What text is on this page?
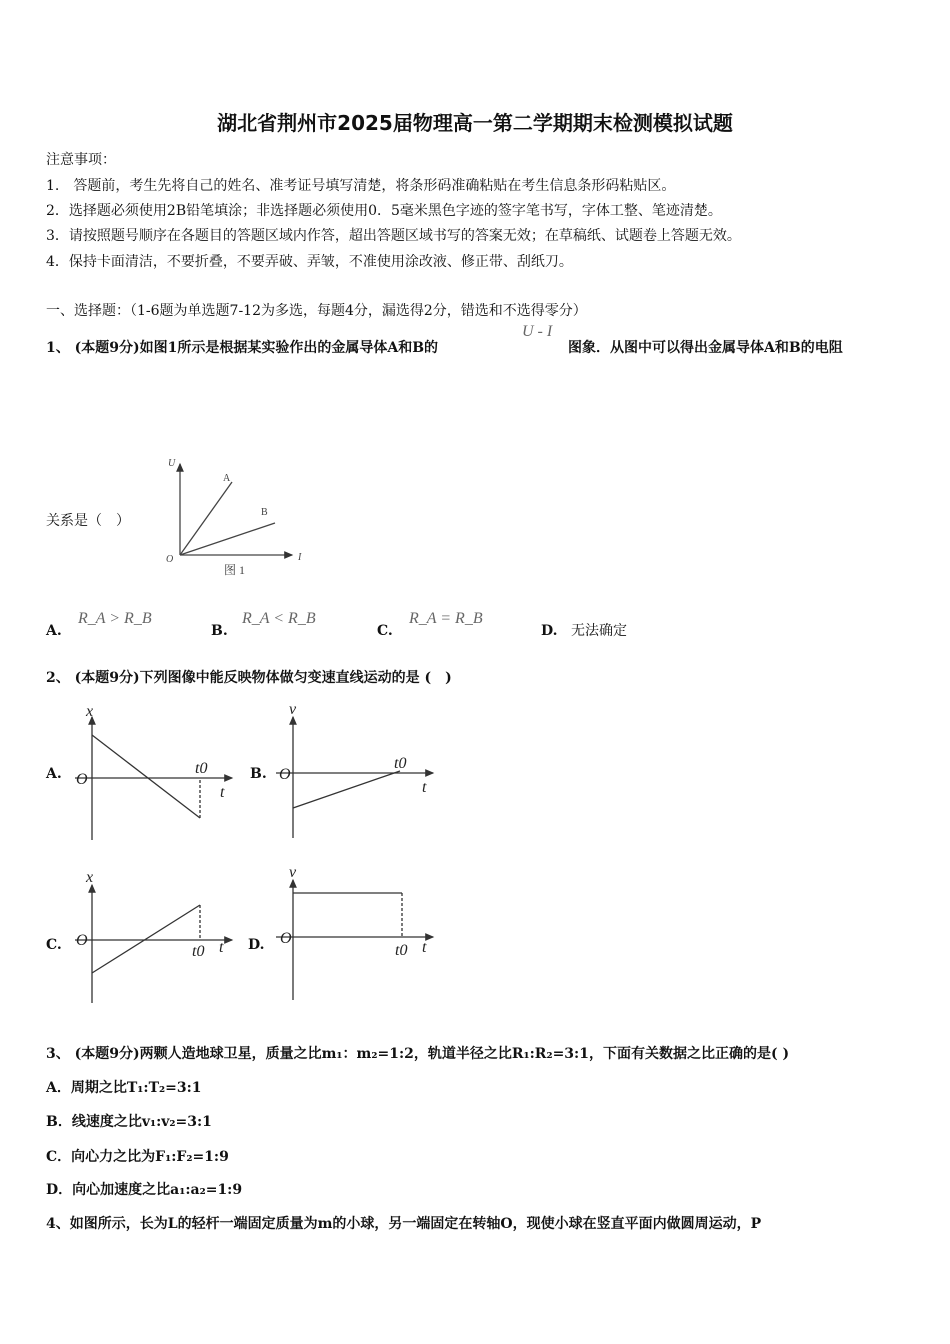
湖北省荆州市2025届物理高一第二学期期末检测模拟试题
注意事项：
1.　答题前，考生先将自己的姓名、准考证号填写清楚，将条形码准确粘贴在考生信息条形码粘贴区。
2．选择题必须使用2B铅笔填涂；非选择题必须使用0．5毫米黑色字迹的签字笔书写，字体工整、笔迹清楚。
3．请按照题号顺序在各题目的答题区域内作答，超出答题区域书写的答案无效；在草稿纸、试题卷上答题无效。
4．保持卡面清洁，不要折叠，不要弄破、弄皱，不准使用涂改液、修正带、刮纸刀。
一、选择题：（1-6题为单选题7-12为多选，每题4分，漏选得2分，错选和不选得零分）
1、 (本题9分)如图1所示是根据某实验作出的金属导体A和B的
U - I
图象．从图中可以得出金属导体A和B的电阻
关系是（　）
A.
R_A > R_B
B.
R_A < R_B
C.
R_A = R_B
D. 无法确定
2、 (本题9分)下列图像中能反映物体做匀变速直线运动的是 (　)
A.	B.
C.	D.
3、 (本题9分)两颗人造地球卫星，质量之比m₁：m₂=1:2，轨道半径之比R₁:R₂=3:1，下面有关数据之比正确的是( )
A．周期之比T₁:T₂=3:1
B．线速度之比v₁:v₂=3:1
C．向心力之比为F₁:F₂=1:9
D．向心加速度之比a₁:a₂=1:9
4、如图所示，长为L的轻杆一端固定质量为m的小球，另一端固定在转轴O，现使小球在竖直平面内做圆周运动，P
U
I
O
A
B
图 1
x
O
t
t0
v
O
t
t0
x
O	t
t0
v
O
t
t0
